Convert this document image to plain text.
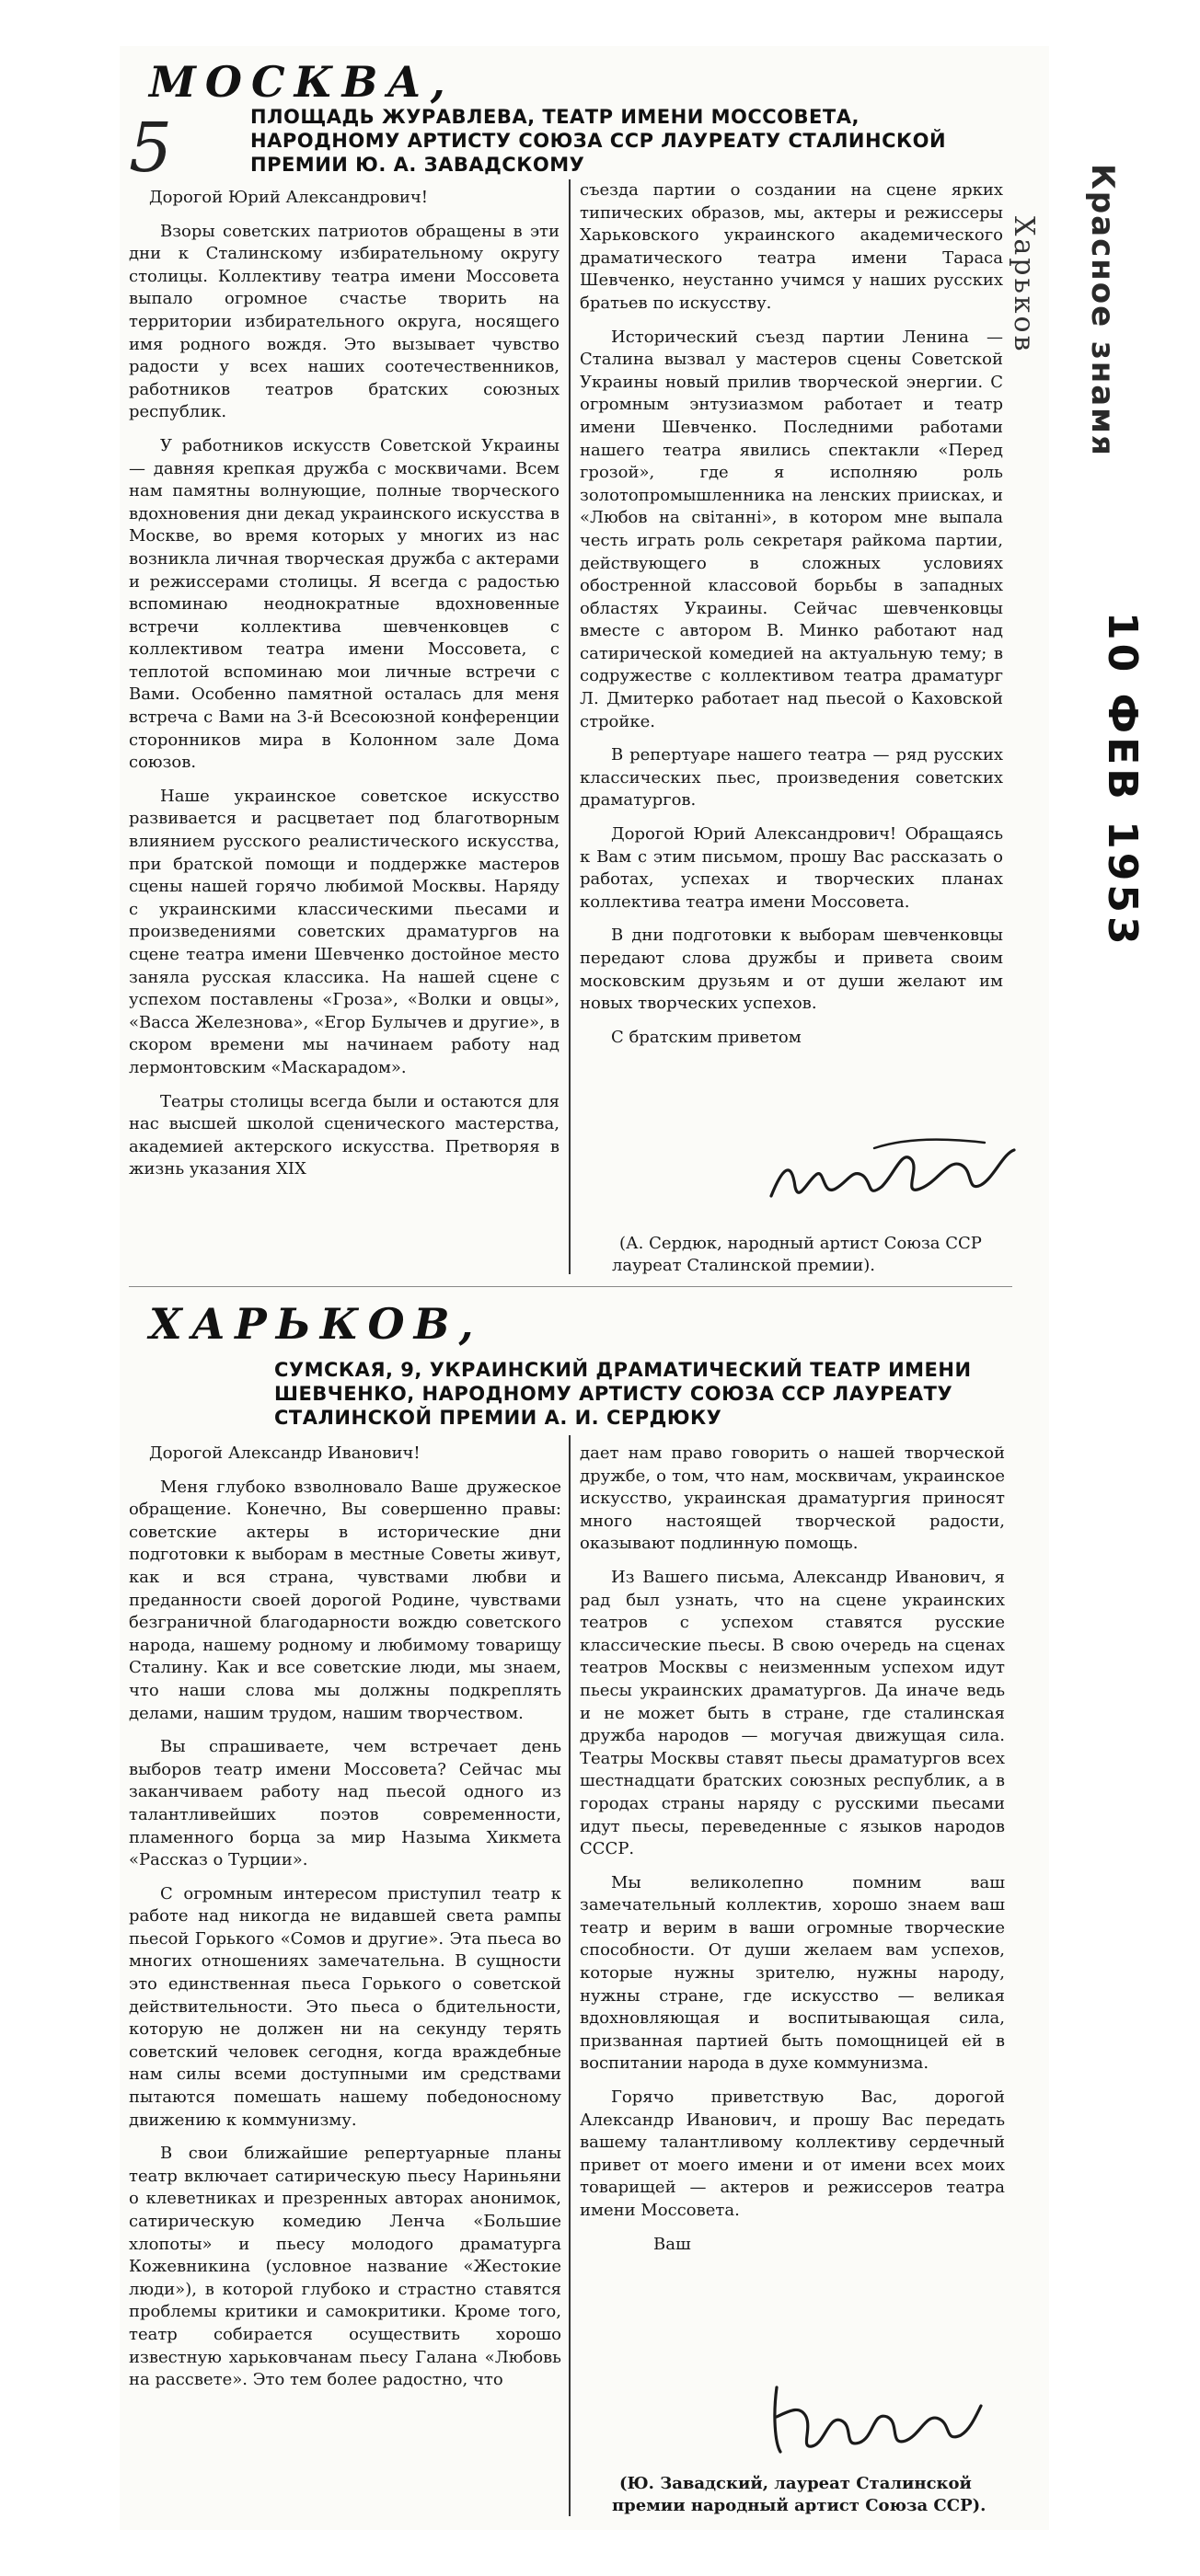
МОСКВА,
5	ПЛОЩАДЬ ЖУРАВЛЕВА, ТЕАТР ИМЕНИ МОССОВЕТА, НАРОДНОМУ АРТИСТУ СОЮЗА ССР ЛАУРЕАТУ СТАЛИНСКОЙ ПРЕМИИ Ю. А. ЗАВАДСКОМУ

Дорогой Юрий Александрович!

Взоры советских патриотов обращены в эти дни к Сталинскому избирательному округу столицы. Коллективу театра имени Моссовета выпало огромное счастье творить на территории избирательного округа, носящего имя родного вождя. Это вызывает чувство радости у всех наших соотечественников, работников театров братских союзных республик.

У работников искусств Советской Украины — давняя крепкая дружба с москвичами. Всем нам памятны волнующие, полные творческого вдохновения дни декад украинского искусства в Москве, во время которых у многих из нас возникла личная творческая дружба с актерами и режиссерами столицы. Я всегда с радостью вспоминаю неоднократные вдохновенные встречи коллектива шевченковцев с коллективом театра имени Моссовета, с теплотой вспоминаю мои личные встречи с Вами. Особенно памятной осталась для меня встреча с Вами на 3-й Всесоюзной конференции сторонников мира в Колонном зале Дома союзов.

Наше украинское советское искусство развивается и расцветает под благотворным влиянием русского реалистического искусства, при братской помощи и поддержке мастеров сцены нашей горячо любимой Москвы. Наряду с украинскими классическими пьесами и произведениями советских драматургов на сцене театра имени Шевченко достойное место заняла русская классика. На нашей сцене с успехом поставлены «Гроза», «Волки и овцы», «Васса Железнова», «Егор Булычев и другие», в скором времени мы начинаем работу над лермонтовским «Маскарадом».

Театры столицы всегда были и остаются для нас высшей школой сценического мастерства, академией актерского искусства. Претворяя в жизнь указания XIX

съезда партии о создании на сцене ярких типических образов, мы, актеры и режиссеры Харьковского украинского академического драматического театра имени Тараса Шевченко, неустанно учимся у наших русских братьев по искусству.

Исторический съезд партии Ленина — Сталина вызвал у мастеров сцены Советской Украины новый прилив творческой энергии. С огромным энтузиазмом работает и театр имени Шевченко. Последними работами нашего театра явились спектакли «Перед грозой», где я исполняю роль золотопромышленника на ленских приисках, и «Любов на світанні», в котором мне выпала честь играть роль секретаря райкома партии, действующего в сложных условиях обостренной классовой борьбы в западных областях Украины. Сейчас шевченковцы вместе с автором В. Минко работают над сатирической комедией на актуальную тему; в содружестве с коллективом театра драматург Л. Дмитерко работает над пьесой о Каховской стройке.

В репертуаре нашего театра — ряд русских классических пьес, произведения советских драматургов.

Дорогой Юрий Александрович! Обращаясь к Вам с этим письмом, прошу Вас рассказать о работах, успехах и творческих планах коллектива театра имени Моссовета.

В дни подготовки к выборам шевченковцы передают слова дружбы и привета своим московским друзьям и от души желают им новых творческих успехов.

С братским приветом

(А. Сердюк, народный артист Союза ССР лауреат Сталинской премии).
Красное знамя
Харьков
10 ФЕВ 1953
ХАРЬКОВ,
СУМСКАЯ, 9, УКРАИНСКИЙ ДРАМАТИЧЕСКИЙ ТЕАТР ИМЕНИ ШЕВЧЕНКО, НАРОДНОМУ АРТИСТУ СОЮЗА ССР ЛАУРЕАТУ СТАЛИНСКОЙ ПРЕМИИ А. И. СЕРДЮКУ

Дорогой Александр Иванович!

Меня глубоко взволновало Ваше дружеское обращение. Конечно, Вы совершенно правы: советские актеры в исторические дни подготовки к выборам в местные Советы живут, как и вся страна, чувствами любви и преданности своей дорогой Родине, чувствами безграничной благодарности вождю советского народа, нашему родному и любимому товарищу Сталину. Как и все советские люди, мы знаем, что наши слова мы должны подкреплять делами, нашим трудом, нашим творчеством.

Вы спрашиваете, чем встречает день выборов театр имени Моссовета? Сейчас мы заканчиваем работу над пьесой одного из талантливейших поэтов современности, пламенного борца за мир Назыма Хикмета «Рассказ о Турции».

С огромным интересом приступил театр к работе над никогда не видавшей света рампы пьесой Горького «Сомов и другие». Эта пьеса во многих отношениях замечательна. В сущности это единственная пьеса Горького о советской действительности. Это пьеса о бдительности, которую не должен ни на секунду терять советский человек сегодня, когда враждебные нам силы всеми доступными им средствами пытаются помешать нашему победоносному движению к коммунизму.

В свои ближайшие репертуарные планы театр включает сатирическую пьесу Нариньяни о клеветниках и презренных авторах анонимок, сатирическую комедию Ленча «Большие хлопоты» и пьесу молодого драматурга Кожевникина (условное название «Жестокие люди»), в которой глубоко и страстно ставятся проблемы критики и самокритики. Кроме того, театр собирается осуществить хорошо известную харьковчанам пьесу Галана «Любовь на рассвете». Это тем более радостно, что

дает нам право говорить о нашей творческой дружбе, о том, что нам, москвичам, украинское искусство, украинская драматургия приносят много настоящей творческой радости, оказывают подлинную помощь.

Из Вашего письма, Александр Иванович, я рад был узнать, что на сцене украинских театров с успехом ставятся русские классические пьесы. В свою очередь на сценах театров Москвы с неизменным успехом идут пьесы украинских драматургов. Да иначе ведь и не может быть в стране, где сталинская дружба народов — могучая движущая сила. Театры Москвы ставят пьесы драматургов всех шестнадцати братских союзных республик, а в городах страны наряду с русскими пьесами идут пьесы, переведенные с языков народов СССР.

Мы великолепно помним ваш замечательный коллектив, хорошо знаем ваш театр и верим в ваши огромные творческие способности. От души желаем вам успехов, которые нужны зрителю, нужны народу, нужны стране, где искусство — великая вдохновляющая и воспитывающая сила, призванная партией быть помощницей ей в воспитании народа в духе коммунизма.

Горячо приветствую Вас, дорогой Александр Иванович, и прошу Вас передать вашему талантливому коллективу сердечный привет от моего имени и от имени всех моих товарищей — актеров и режиссеров театра имени Моссовета.

Ваш

(Ю. Завадский, лауреат Сталинской премии народный артист Союза ССР).
